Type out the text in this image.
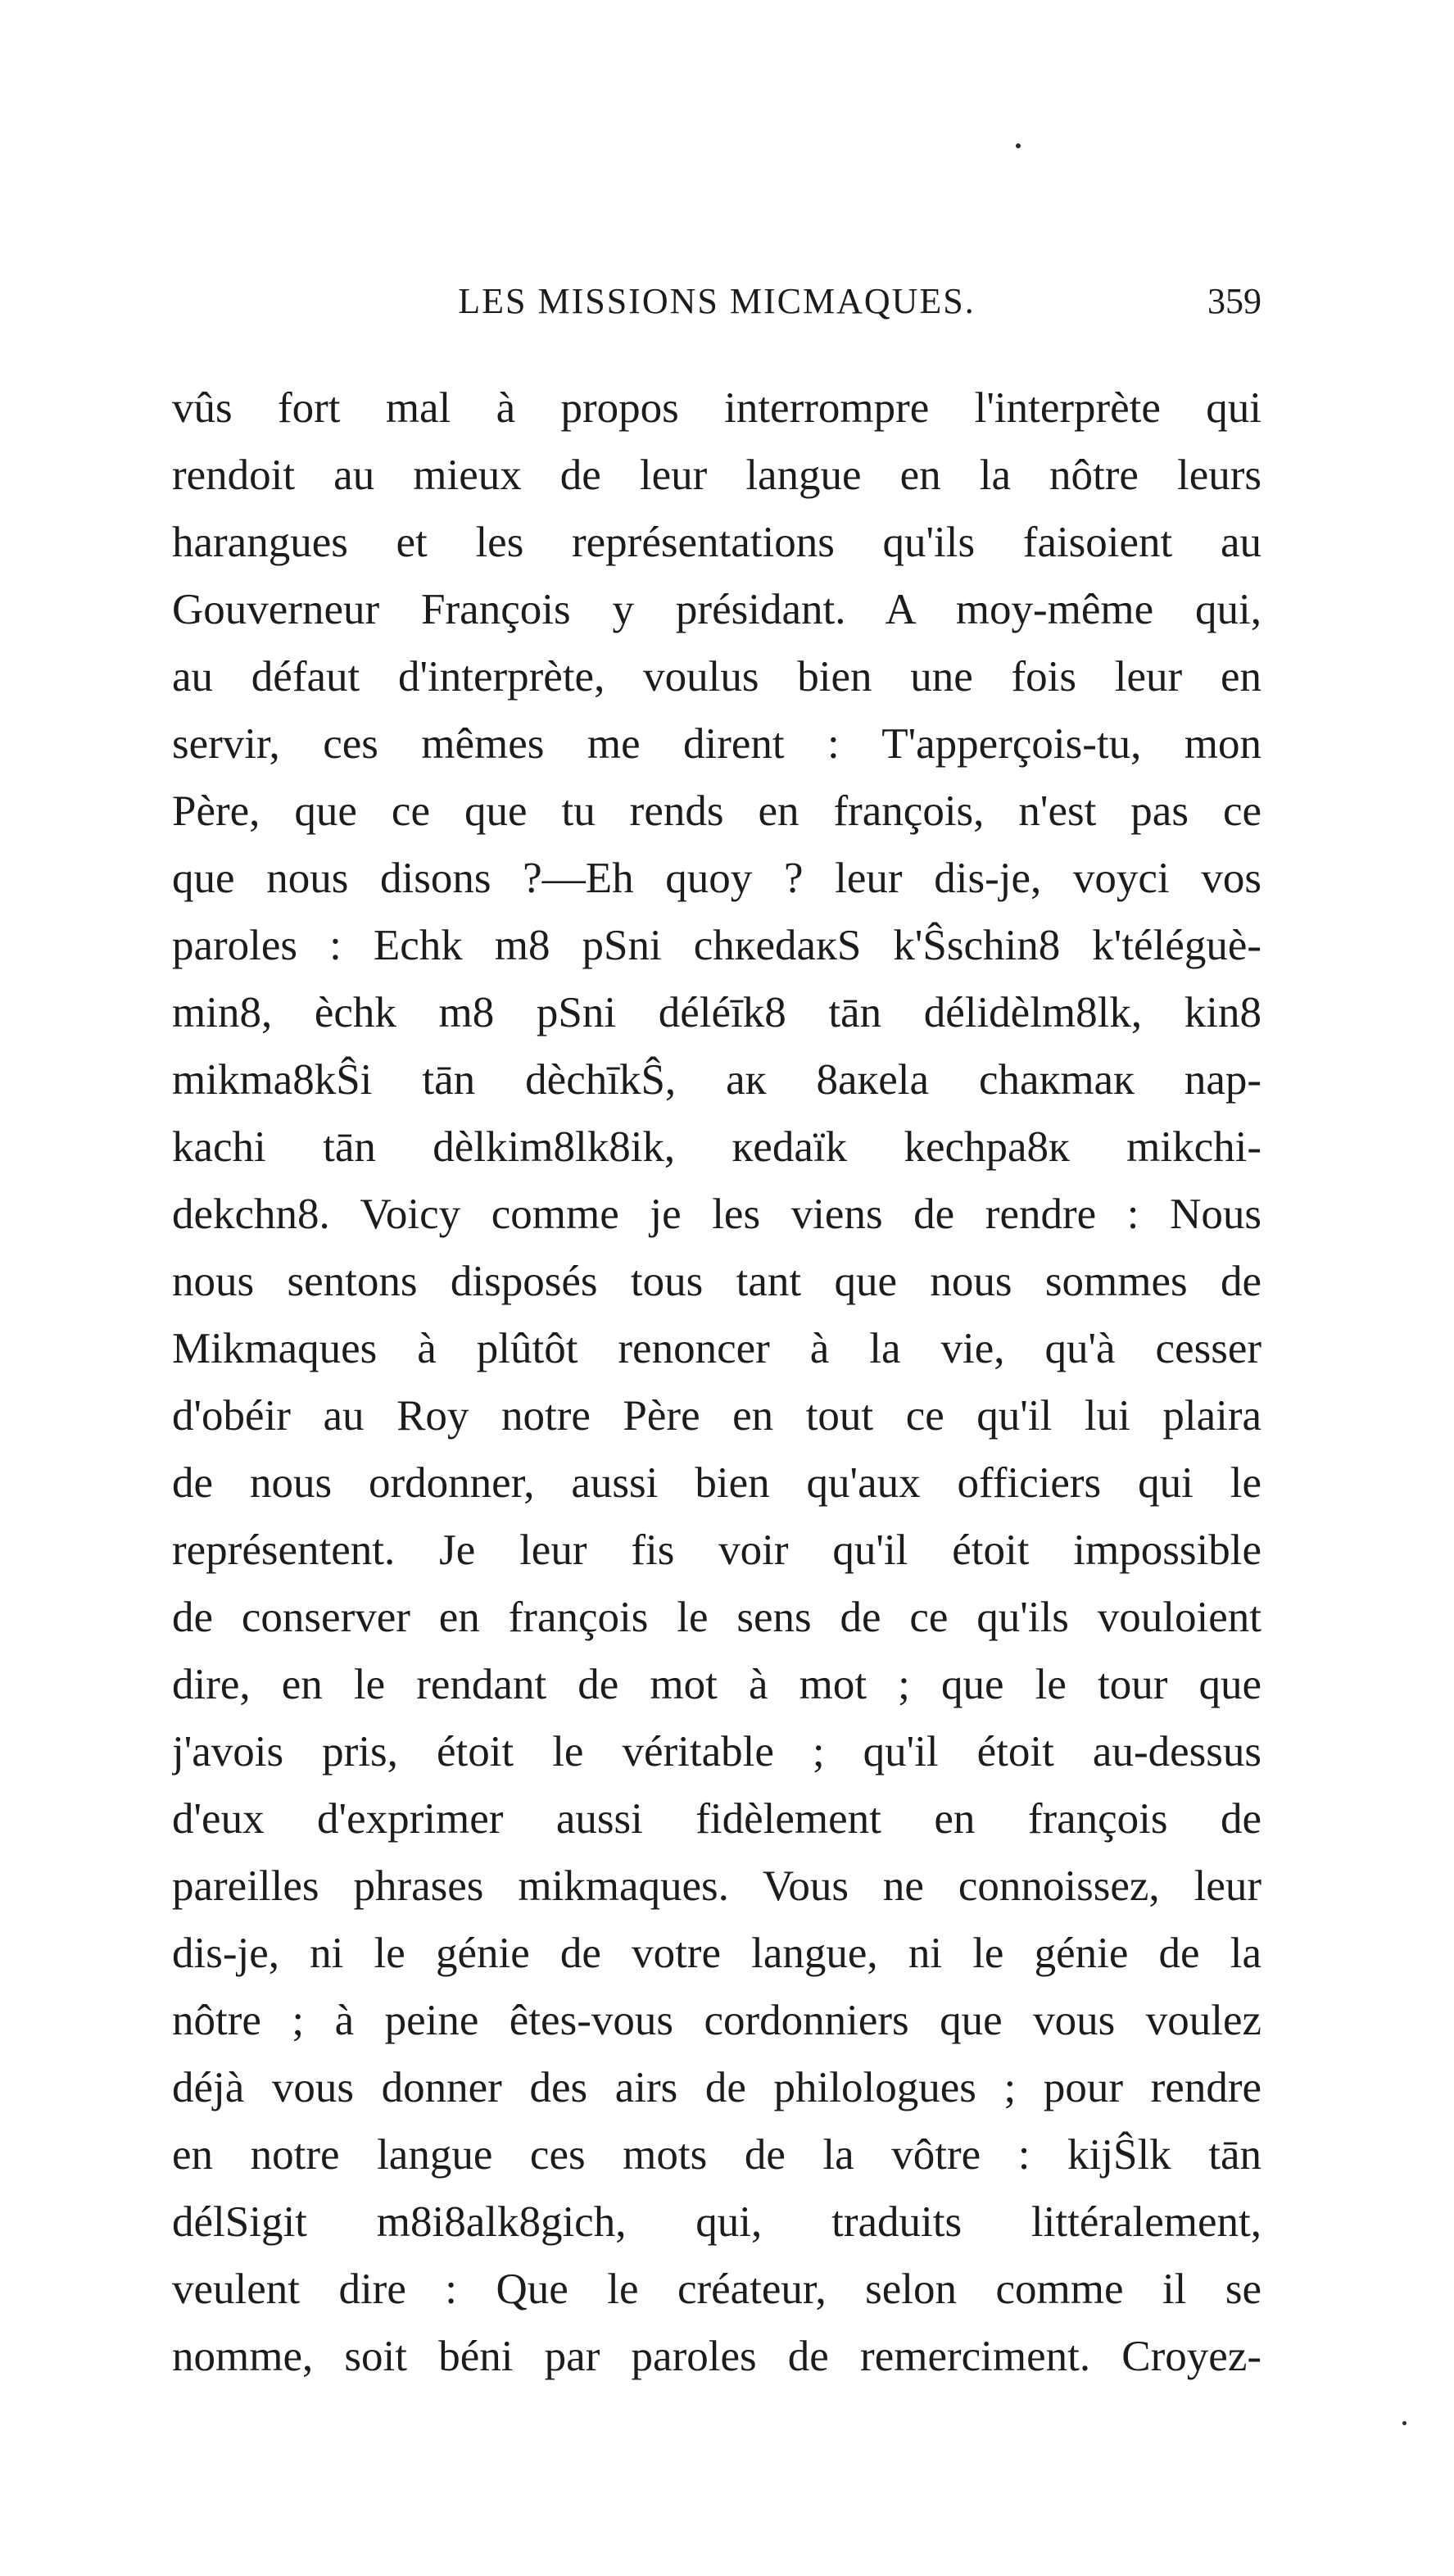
LES MISSIONS MICMAQUES.	359
vûs fort mal à propos interrompre l'interprète qui
rendoit au mieux de leur langue en la nôtre leurs
harangues et les représentations qu'ils faisoient au
Gouverneur François y présidant. A moy-même qui,
au défaut d'interprète, voulus bien une fois leur en
servir, ces mêmes me dirent : T'apperçois-tu, mon
Père, que ce que tu rends en françois, n'est pas ce
que nous disons ?—Eh quoy ? leur dis-je, voyci vos
paroles : Echk m8 pSni chкedaкS k'Ŝschin8 k'téléguè-
min8, èchk m8 pSni déléīk8 tān délidèlm8lk, kin8
mikma8kŜi tān dèchīkŜ, aк 8aкela chaкmaк nap-
kachi tān dèlkim8lk8ik, кedaïk kechpa8к mikchi-
dekchn8. Voicy comme je les viens de rendre : Nous
nous sentons disposés tous tant que nous sommes de
Mikmaques à plûtôt renoncer à la vie, qu'à cesser
d'obéir au Roy notre Père en tout ce qu'il lui plaira
de nous ordonner, aussi bien qu'aux officiers qui le
représentent. Je leur fis voir qu'il étoit impossible
de conserver en françois le sens de ce qu'ils vouloient
dire, en le rendant de mot à mot ; que le tour que
j'avois pris, étoit le véritable ; qu'il étoit au-dessus
d'eux d'exprimer aussi fidèlement en françois de
pareilles phrases mikmaques. Vous ne connoissez, leur
dis-je, ni le génie de votre langue, ni le génie de la
nôtre ; à peine êtes-vous cordonniers que vous voulez
déjà vous donner des airs de philologues ; pour rendre
en notre langue ces mots de la vôtre : kijŜlk tān
délSigit m8i8alk8gich, qui, traduits littéralement,
veulent dire : Que le créateur, selon comme il se
nomme, soit béni par paroles de remerciment. Croyez-
